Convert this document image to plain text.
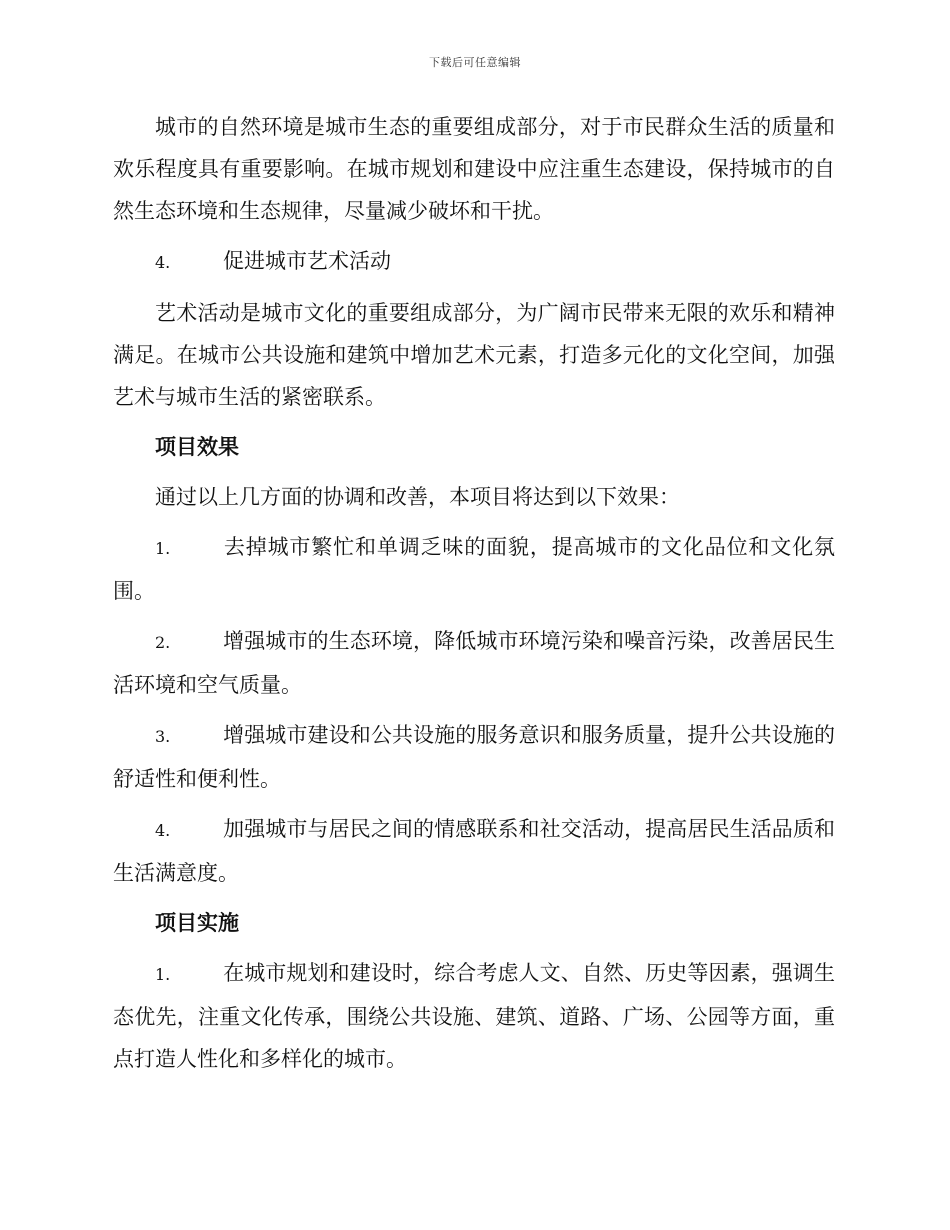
下载后可任意编辑

城市的自然环境是城市生态的重要组成部分，对于市民群众生活的质量和欢乐程度具有重要影响。在城市规划和建设中应注重生态建设，保持城市的自然生态环境和生态规律，尽量减少破坏和干扰。

4.	促进城市艺术活动

艺术活动是城市文化的重要组成部分，为广阔市民带来无限的欢乐和精神满足。在城市公共设施和建筑中增加艺术元素，打造多元化的文化空间，加强艺术与城市生活的紧密联系。

项目效果

通过以上几方面的协调和改善，本项目将达到以下效果：

1.	去掉城市繁忙和单调乏味的面貌，提高城市的文化品位和文化氛围。

2.	增强城市的生态环境，降低城市环境污染和噪音污染，改善居民生活环境和空气质量。

3.	增强城市建设和公共设施的服务意识和服务质量，提升公共设施的舒适性和便利性。

4.	加强城市与居民之间的情感联系和社交活动，提高居民生活品质和生活满意度。

项目实施

1.	在城市规划和建设时，综合考虑人文、自然、历史等因素，强调生态优先，注重文化传承，围绕公共设施、建筑、道路、广场、公园等方面，重点打造人性化和多样化的城市。
